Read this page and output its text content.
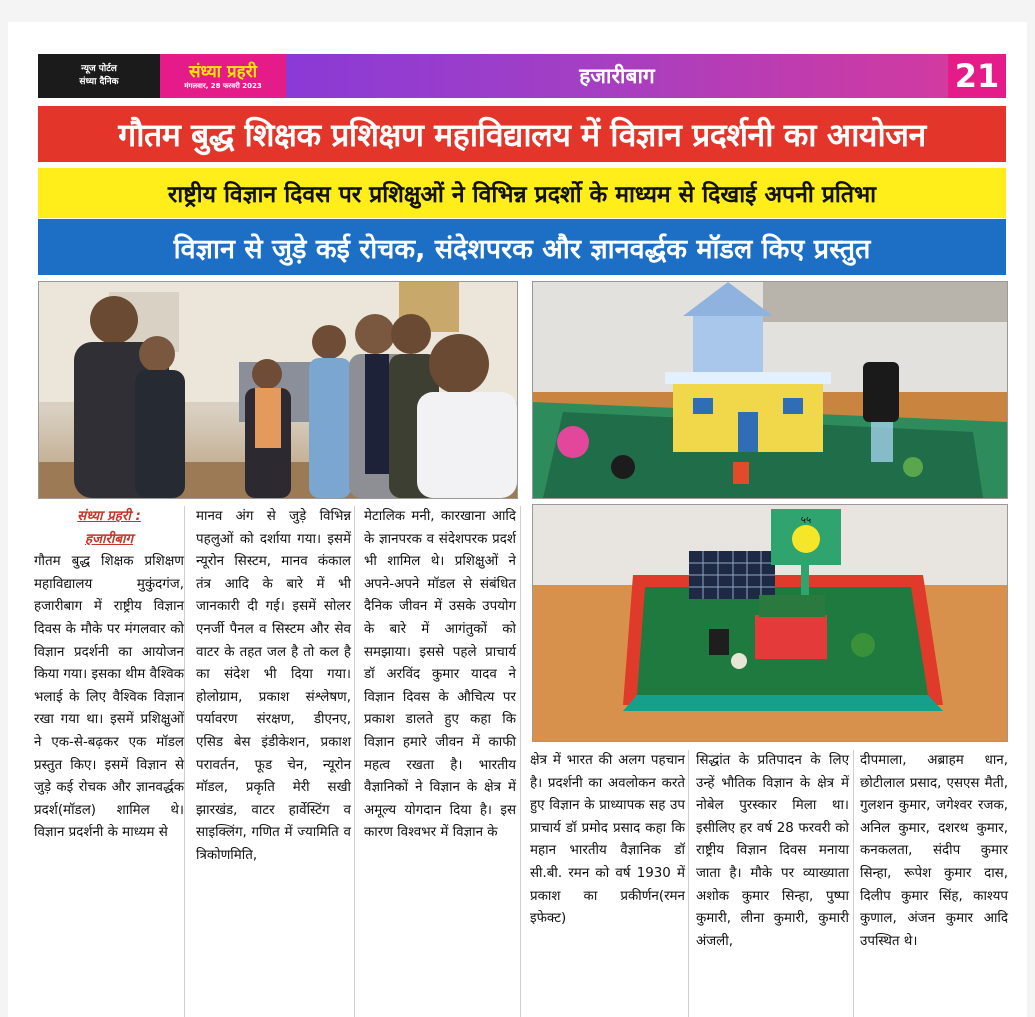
न्यूज पोर्टल
संध्या दैनिक
संध्या प्रहरी
मंगलवार, 28 फरवरी 2023	हजारीबाग	21
गौतम बुद्ध शिक्षक प्रशिक्षण महाविद्यालय में विज्ञान प्रदर्शनी का आयोजन
राष्ट्रीय विज्ञान दिवस पर प्रशिक्षुओं ने विभिन्न प्रदर्शो के माध्यम से दिखाई अपनी प्रतिभा
विज्ञान से जुड़े कई रोचक, संदेशपरक और ज्ञानवर्द्धक मॉडल किए प्रस्तुत
५५

संध्या प्रहरी :

हजारीबाग

गौतम बुद्ध शिक्षक प्रशिक्षण महाविद्यालय मुकुंदगंज, हजारीबाग में राष्ट्रीय विज्ञान दिवस के मौके पर मंगलवार को विज्ञान प्रदर्शनी का आयोजन किया गया। इसका थीम वैश्विक भलाई के लिए वैश्विक विज्ञान रखा गया था। इसमें प्रशिक्षुओं ने एक-से-बढ़कर एक मॉडल प्रस्तुत किए। इसमें विज्ञान से जुड़े कई रोचक और ज्ञानवर्द्धक प्रदर्श(मॉडल) शामिल थे। विज्ञान प्रदर्शनी के माध्यम से

मानव अंग से जुड़े विभिन्न पहलुओं को दर्शाया गया। इसमें न्यूरोन सिस्टम, मानव कंकाल तंत्र आदि के बारे में भी जानकारी दी गई। इसमें सोलर एनर्जी पैनल व सिस्टम और सेव वाटर के तहत जल है तो कल है का संदेश भी दिया गया। होलोग्राम, प्रकाश संश्लेषण, पर्यावरण संरक्षण, डीएनए, एसिड बेस इंडीकेशन, प्रकाश परावर्तन, फूड चेन, न्यूरोन मॉडल, प्रकृति मेरी सखी झारखंड, वाटर हार्वेस्टिंग व साइक्लिंग, गणित में ज्यामिति व त्रिकोणमिति,

मेटालिक मनी, कारखाना आदि के ज्ञानपरक व संदेशपरक प्रदर्श भी शामिल थे। प्रशिक्षुओं ने अपने-अपने मॉडल से संबंधित दैनिक जीवन में उसके उपयोग के बारे में आगंतुकों को समझाया। इससे पहले प्राचार्य डॉ अरविंद कुमार यादव ने विज्ञान दिवस के औचित्य पर प्रकाश डालते हुए कहा कि विज्ञान हमारे जीवन में काफी महत्व रखता है। भारतीय वैज्ञानिकों ने विज्ञान के क्षेत्र में अमूल्य योगदान दिया है। इस कारण विश्वभर में विज्ञान के

क्षेत्र में भारत की अलग पहचान है। प्रदर्शनी का अवलोकन करते हुए विज्ञान के प्राध्यापक सह उप प्राचार्य डॉ प्रमोद प्रसाद कहा कि महान भारतीय वैज्ञानिक डॉ सी.बी. रमन को वर्ष 1930 में प्रकाश का प्रकीर्णन(रमन इफेक्ट)

सिद्धांत के प्रतिपादन के लिए उन्हें भौतिक विज्ञान के क्षेत्र में नोबेल पुरस्कार मिला था। इसीलिए हर वर्ष 28 फरवरी को राष्ट्रीय विज्ञान दिवस मनाया जाता है। मौके पर व्याख्याता अशोक कुमार सिन्हा, पुष्पा कुमारी, लीना कुमारी, कुमारी अंजली,

दीपमाला, अब्राहम धान, छोटीलाल प्रसाद, एसएस मैती, गुलशन कुमार, जगेश्वर रजक, अनिल कुमार, दशरथ कुमार, कनकलता, संदीप कुमार सिन्हा, रूपेश कुमार दास, दिलीप कुमार सिंह, काश्यप कुणाल, अंजन कुमार आदि उपस्थित थे।
